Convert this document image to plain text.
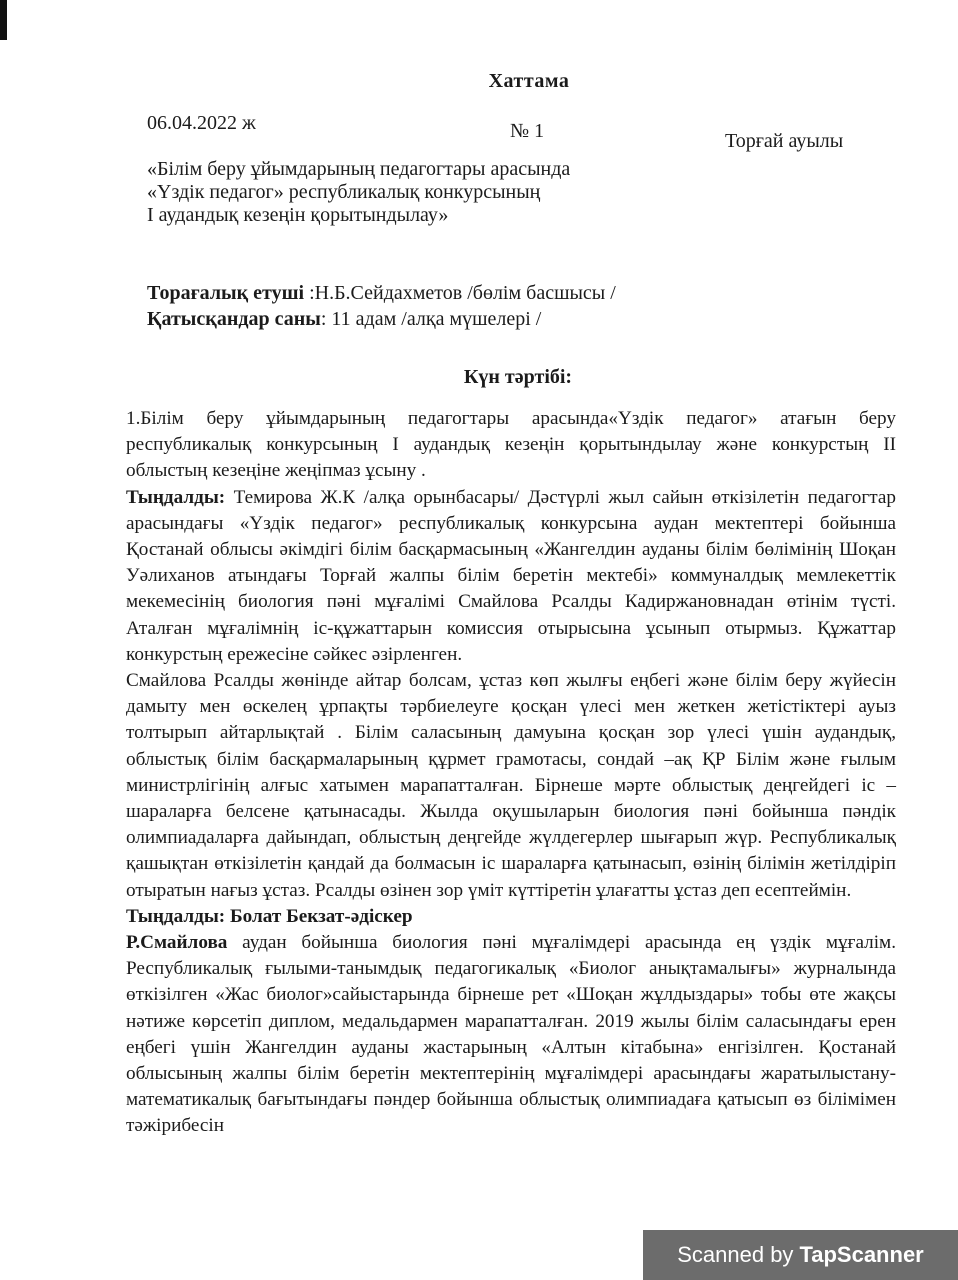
Хаттама
06.04.2022 ж	№ 1	Торғай ауылы
«Білім беру ұйымдарының педагогтары арасында
«Үздік педагог» республикалық конкурсының
І аудандық кезеңін қорытындылау»
Торағалық етуші :Н.Б.Сейдахметов /бөлім басшысы /
Қатысқандар саны: 11 адам /алқа мүшелері /
Күн тәртібі:

1.Білім беру ұйымдарының педагогтары арасында«Үздік педагог» атағын беру республикалық конкурсының І аудандық кезеңін қорытындылау және конкурстың ІІ облыстың кезеңіне жеңіпмаз ұсыну .

Тыңдалды: Темирова Ж.К /алқа орынбасары/ Дәстүрлі жыл сайын өткізілетін педагогтар арасындағы «Үздік педагог» республикалық конкурсына аудан мектептері бойынша Қостанай облысы әкімдігі білім басқармасының «Жангелдин ауданы білім бөлімінің Шоқан Уәлиханов атындағы Торғай жалпы білім беретін мектебі» коммуналдық мемлекеттік мекемесінің биология пәні мұғалімі Смайлова Рсалды Кадиржановнадан өтінім түсті. Аталған мұғалімнің іс-құжаттарын комиссия отырысына ұсынып отырмыз. Құжаттар конкурстың ережесіне сәйкес әзірленген.

Смайлова Рсалды жөнінде айтар болсам, ұстаз көп жылғы еңбегі және білім беру жүйесін дамыту мен өскелең ұрпақты тәрбиелеуге қосқан үлесі мен жеткен жетістіктері ауыз толтырып айтарлықтай . Білім саласының дамуына қосқан зор үлесі үшін аудандық, облыстық білім басқармаларының құрмет грамотасы, сондай –ақ ҚР Білім және ғылым министрлігінің алғыс хатымен марапатталған. Бірнеше мәрте облыстық деңгейдегі іс –шараларға белсене қатынасады. Жылда оқушыларын биология пәні бойынша пәндік олимпиадаларға дайындап, облыстың деңгейде жүлдегерлер шығарып жүр. Республикалық қашықтан өткізілетін қандай да болмасын іс шараларға қатынасып, өзінің білімін жетілдіріп отыратын нағыз ұстаз. Рсалды өзінен зор үміт күттіретін ұлағатты ұстаз деп есептеймін.

Тыңдалды: Болат Бекзат-әдіскер

Р.Смайлова аудан бойынша биология пәні мұғалімдері арасында ең үздік мұғалім. Республикалық ғылыми-танымдық педагогикалық «Биолог анықтамалығы» журналында өткізілген «Жас биолог»сайыстарында бірнеше рет «Шоқан жұлдыздары» тобы өте жақсы нәтиже көрсетіп диплом, медальдармен марапатталған. 2019 жылы білім саласындағы ерен еңбегі үшін Жангелдин ауданы жастарының «Алтын кітабына» енгізілген. Қостанай облысының жалпы білім беретін мектептерінің мұғалімдері арасындағы жаратылыстану- математикалық бағытындағы пәндер бойынша облыстық олимпиадаға қатысып өз білімімен тәжірибесін

Scanned by TapScanner
